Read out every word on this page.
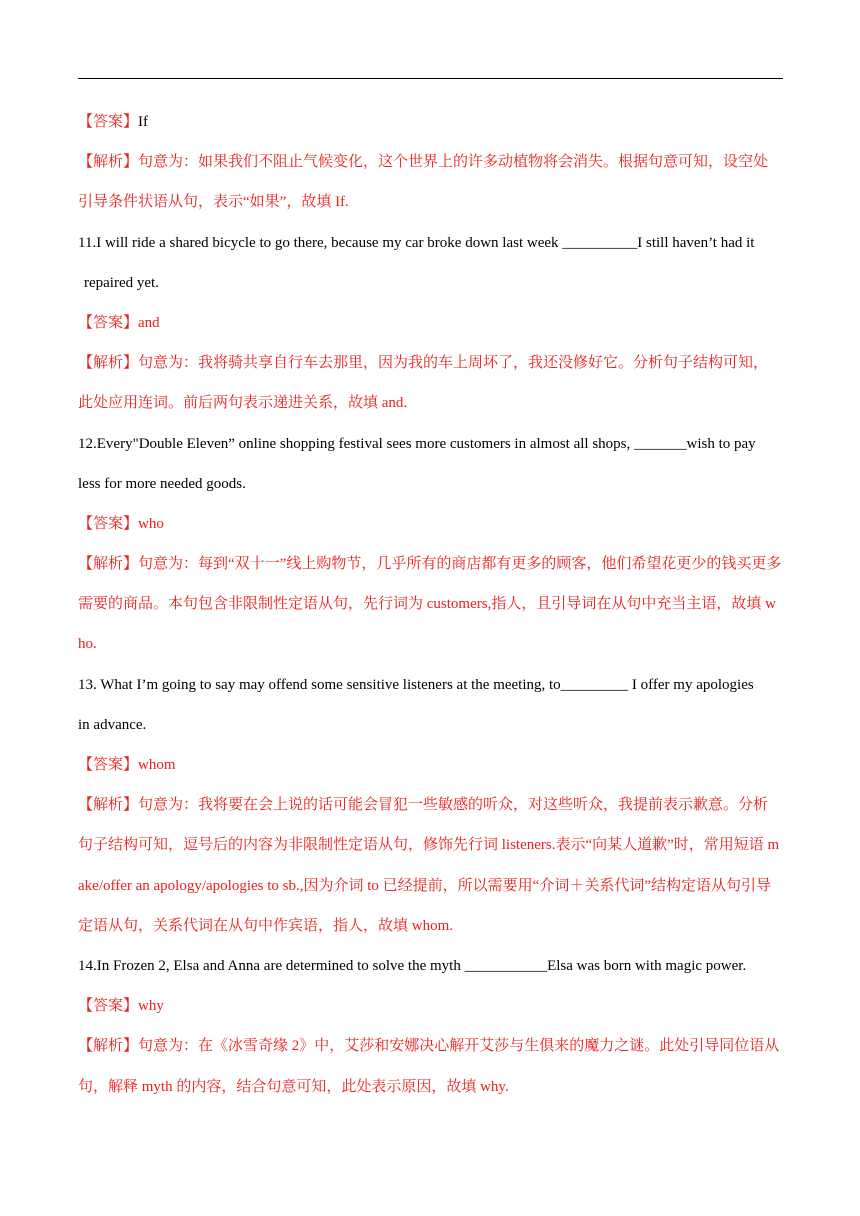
【答案】If
【解析】句意为：如果我们不阻止气候变化，这个世界上的许多动植物将会消失。根据句意可知，设空处
引导条件状语从句，表示“如果”，故填 If.
11.I will ride a shared bicycle to go there, because my car broke down last week __________I still haven’t had it
repaired yet.
【答案】and
【解析】句意为：我将骑共享自行车去那里，因为我的车上周坏了，我还没修好它。分析句子结构可知，
此处应用连词。前后两句表示递进关系，故填 and.
12.Every"Double Eleven” online shopping festival sees more customers in almost all shops, _______wish to pay
less for more needed goods.
【答案】who
【解析】句意为：每到“双十一”线上购物节，几乎所有的商店都有更多的顾客，他们希望花更少的钱买更多
需要的商品。本句包含非限制性定语从句，先行词为 customers,指人，且引导词在从句中充当主语，故填 w
ho.
13. What I’m going to say may offend some sensitive listeners at the meeting, to_________ I offer my apologies
in advance.
【答案】whom
【解析】句意为：我将要在会上说的话可能会冒犯一些敏感的听众，对这些听众，我提前表示歉意。分析
句子结构可知，逗号后的内容为非限制性定语从句，修饰先行词 listeners.表示“向某人道歉”时，常用短语 m
ake/offer an apology/apologies to sb.,因为介词 to 已经提前，所以需要用“介词＋关系代词”结构定语从句引导
定语从句，关系代词在从句中作宾语，指人，故填 whom.
14.In Frozen 2, Elsa and Anna are determined to solve the myth ___________Elsa was born with magic power.
【答案】why
【解析】句意为：在《冰雪奇缘 2》中，艾莎和安娜决心解开艾莎与生俱来的魔力之谜。此处引导同位语从
句，解释 myth 的内容，结合句意可知，此处表示原因，故填 why.
